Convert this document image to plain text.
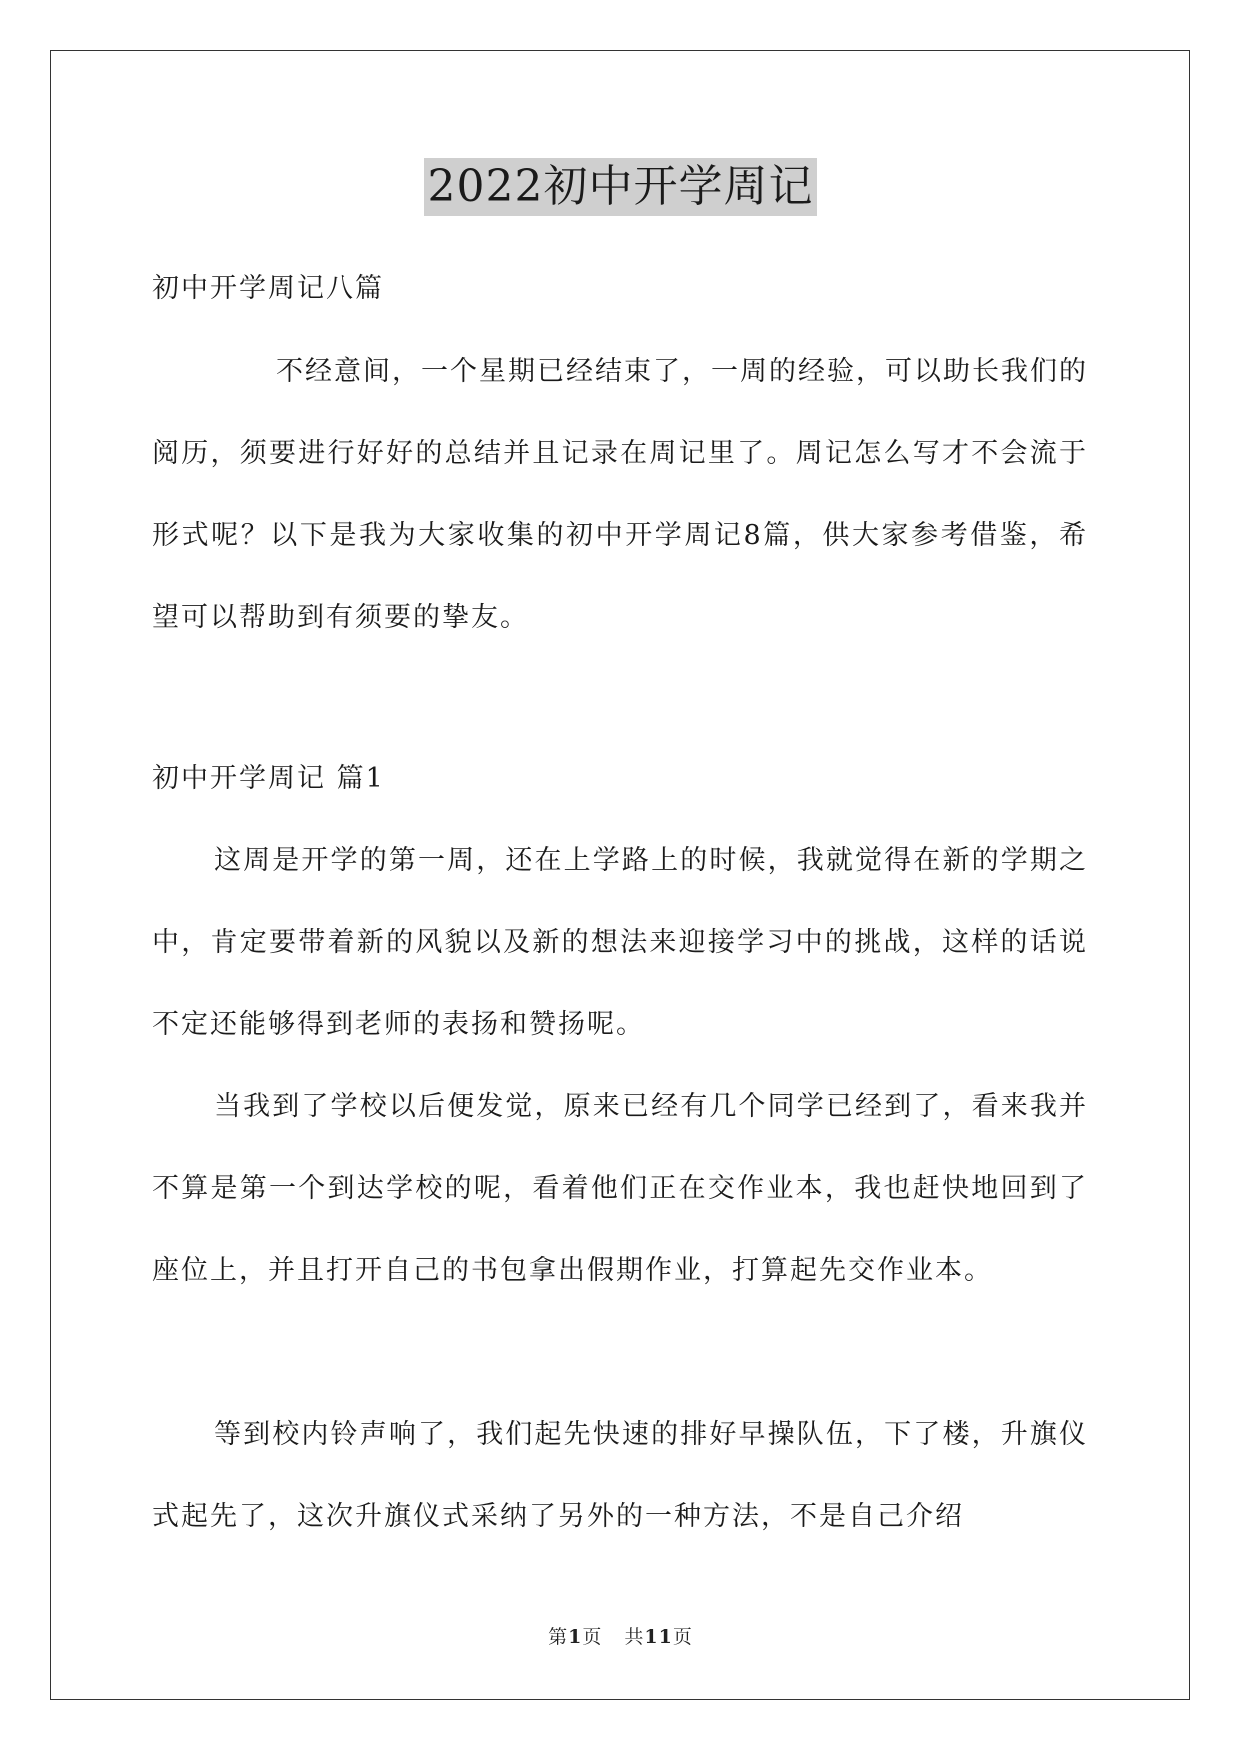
2022初中开学周记
初中开学周记八篇
不经意间，一个星期已经结束了，一周的经验，可以助长我们的阅历，须要进行好好的总结并且记录在周记里了。周记怎么写才不会流于形式呢？以下是我为大家收集的初中开学周记8篇，供大家参考借鉴，希望可以帮助到有须要的挚友。
初中开学周记 篇1
这周是开学的第一周，还在上学路上的时候，我就觉得在新的学期之中，肯定要带着新的风貌以及新的想法来迎接学习中的挑战，这样的话说不定还能够得到老师的表扬和赞扬呢。
当我到了学校以后便发觉，原来已经有几个同学已经到了，看来我并不算是第一个到达学校的呢，看着他们正在交作业本，我也赶快地回到了座位上，并且打开自己的书包拿出假期作业，打算起先交作业本。
等到校内铃声响了，我们起先快速的排好早操队伍，下了楼，升旗仪式起先了，这次升旗仪式采纳了另外的一种方法，不是自己介绍
第1页 共11页
